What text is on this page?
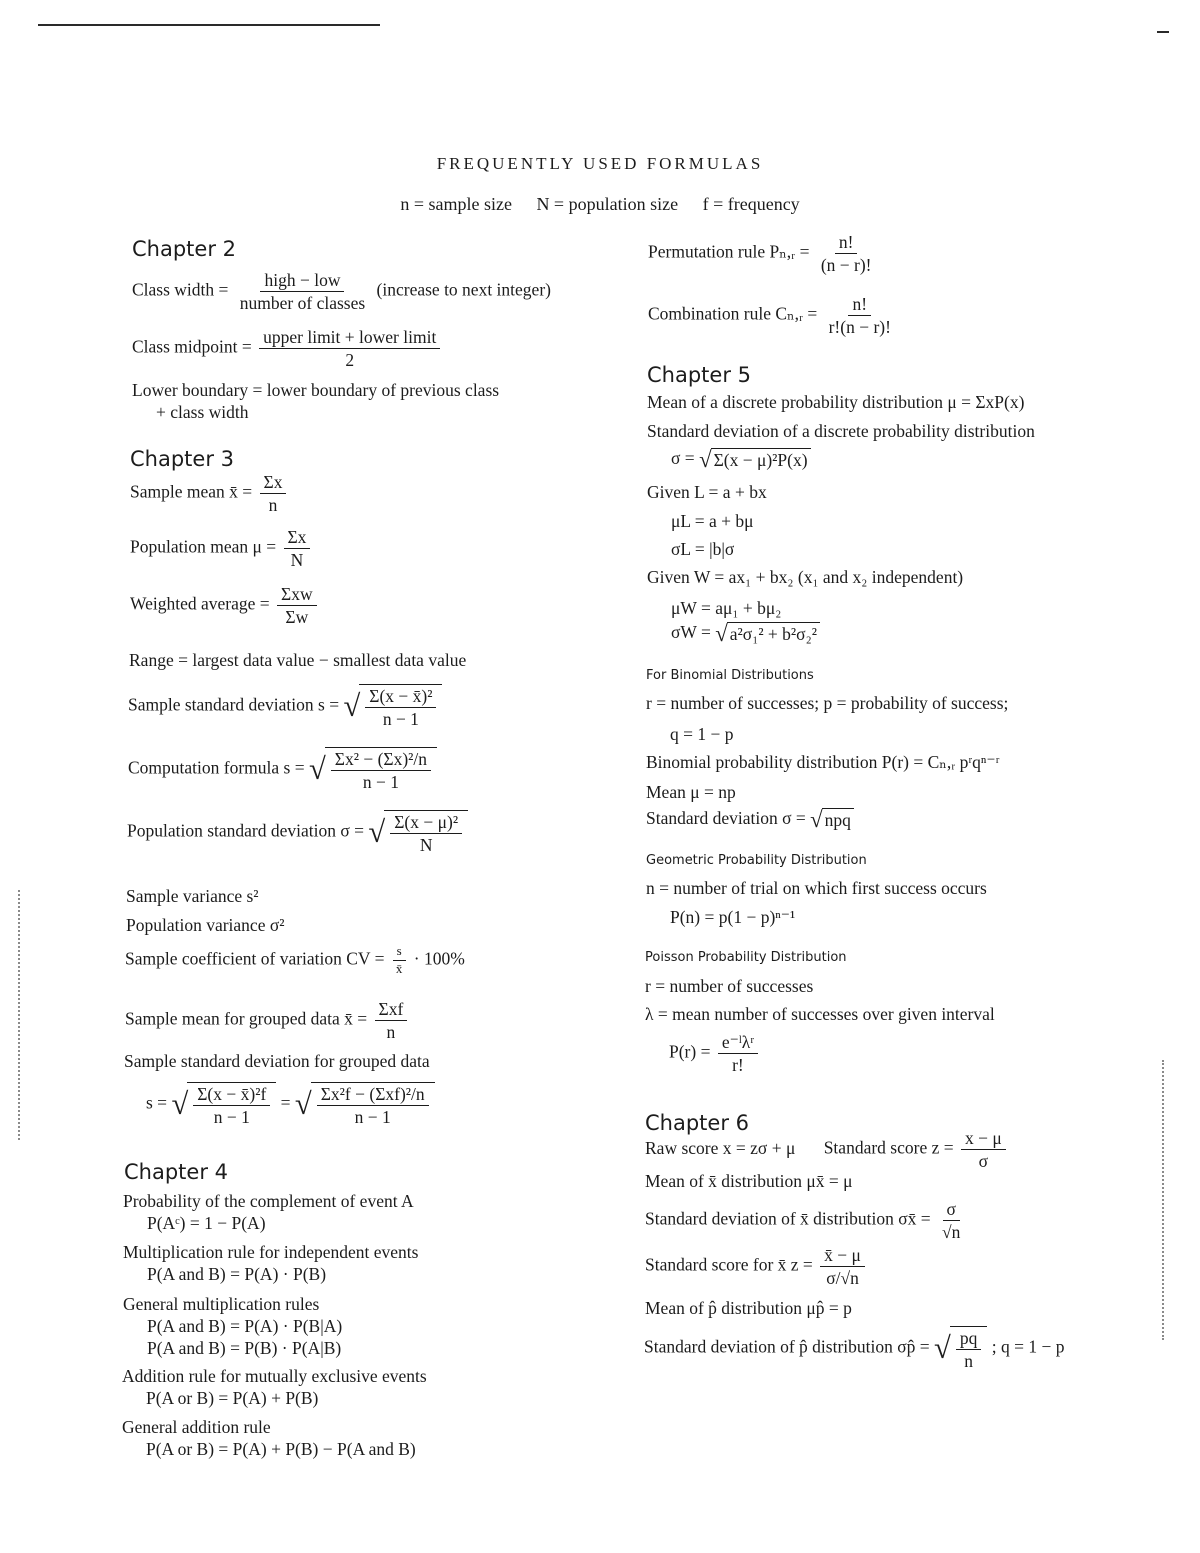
FREQUENTLY USED FORMULAS
n = sample size N = population size f = frequency
Chapter 2
Class width = $\frac{\text{high − low}}{\text{number of classes}}$ (increase to next integer)
Class midpoint = $\frac{\text{upper limit + lower limit}}{2}$
Lower boundary = lower boundary of previous class
+ class width
Chapter 3
Sample mean x̄ = $\frac{\Sigma x}{n}$
Population mean $\mu = \frac{\Sigma x}{N}$
Weighted average = $\frac{\text{Σxw}}{\Sigma w}$
Range = largest data value − smallest data value
Sample standard deviation s = √ $\frac{\text{Σ(x − x̄)²}}{n - 1}$
Computation formula s = √ $\frac{\text{Σx² − (Σx)²/n}}{n - 1}$
Population standard deviation σ = √ $\frac{\text{Σ(x − μ)²}}{N}$
Sample variance s²
Population variance σ²
Sample coefficient of variation CV = $\frac{s}{x̄} \cdot 100\%$
Sample mean for grouped data x̄ = $\frac{\text{Σxf}}{n}$
Sample standard deviation for grouped data
s = √ $\frac{\text{Σ(x − x̄)²f}}{n - 1}$ = √ $\frac{\text{Σx²f − (Σxf)²/n}}{n - 1}$
Chapter 4
Probability of the complement of event A
P(Aᶜ) = 1 − P(A)
Multiplication rule for independent events
P(A and B) = P(A) · P(B)
General multiplication rules
P(A and B) = P(A) · P(B|A)
P(A and B) = P(B) · P(A|B)
Addition rule for mutually exclusive events
P(A or B) = P(A) + P(B)
General addition rule
P(A or B) = P(A) + P(B) − P(A and B)
Permutation rule Pₙ,ᵣ = $\frac{n!}{(n - r)!}$
Combination rule Cₙ,ᵣ = $\frac{n!}{r!(n - r)!}$
Chapter 5
Mean of a discrete probability distribution μ = ΣxP(x)
Standard deviation of a discrete probability distribution
σ = √ Σ(x − μ)²P(x)
Given L = a + bx
μL = a + bμ
σL = |b|σ
Given W = ax₁ + bx₂ (x₁ and x₂ independent)
μW = aμ₁ + bμ₂
σW = √ a²σ₁² + b²σ₂²
For Binomial Distributions
r = number of successes; p = probability of success;
q = 1 − p
Binomial probability distribution P(r) = Cₙ,ᵣ pʳqⁿ⁻ʳ
Mean μ = np
Standard deviation σ = √ npq
Geometric Probability Distribution
n = number of trial on which first success occurs
P(n) = p(1 − p)ⁿ⁻¹
Poisson Probability Distribution
r = number of successes
λ = mean number of successes over given interval
$P(r) = \frac{\text{e⁻ˡλʳ}}{r!}$
Chapter 6
Raw score x = zσ + μ Standard score $z = \frac{x - \mu}{\sigma}$
Mean of x̄ distribution μx̄ = μ
Standard deviation of x̄ distribution σx̄ = $\frac{\sigma}{√n}$
Standard score for x̄ $z = \frac{x̄ - \mu}{\sigma/√n}$
Mean of p̂ distribution μp̂ = p
Standard deviation of p̂ distribution σp̂ = √ $\frac{pq}{n}$ ; q = 1 − p
